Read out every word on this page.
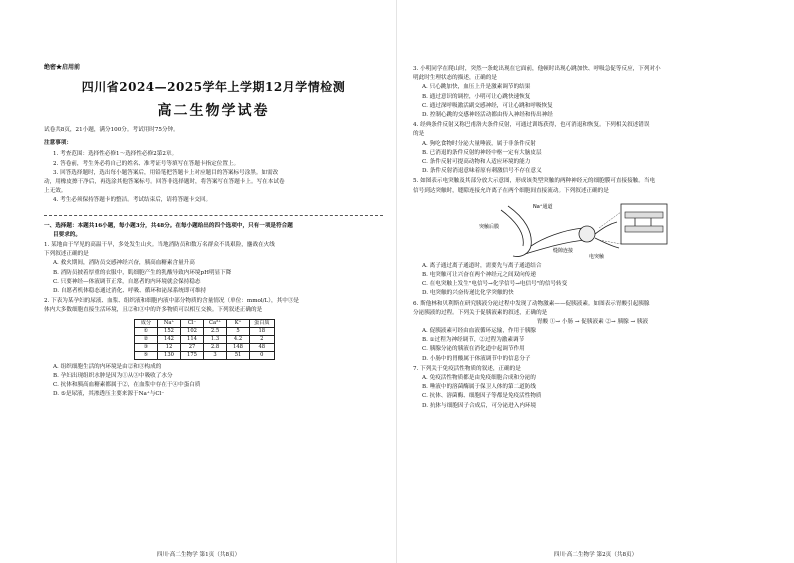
绝密★启用前
四川省2024—2025学年上学期12月学情检测
高二生物学试卷
试卷共8页，21小题，满分100分。考试用时75分钟。
注意事项：
1. 考查范围：选择性必修1～选择性必修2第2章。
2. 答卷前，考生务必将自己的姓名、准考证号等填写在答题卡指定位置上。
3. 回答选择题时，选出每小题答案后，用铅笔把答题卡上对应题目的答案标号涂黑。如需改
动，用橡皮擦干净后，再选涂其他答案标号。回答非选择题时，将答案写在答题卡上。写在本试卷
上无效。
4. 考生必须保持答题卡的整洁。考试结束后，请将答题卡交回。
一、选择题：本题共16小题，每小题3分，共48分。在每小题给出的四个选项中，只有一项是符合题
目要求的。
1. 某地由于罕见的高温干旱，多处发生山火。当地消防员和数万名群众不畏艰险，鏖战在火线
下列叙述正确的是
A. 救火期间，消防员交感神经兴奋，胰高血糖素含量升高
B. 消防员披着厚重的衣服中，肌细胞产生的乳酸导致内环境pH明显下降
C. 只要神经—体液调节正常，自愿者的内环境就会保持稳态
D. 自愿者机体稳态通过消化、呼吸、循环和泌尿系统即可维持
2. 下表为某孕妇的尿液、血浆、组织液和细胞内液中部分物质的含量情况（单位：mmol/L），其中③是
体内大多数细胞直接生活环境，且②和③中的许多物质可以相互交换。下列叙述正确的是
成分	Na⁺	Cl⁻	Ca²⁺	K⁺	蛋白质
①	152	102	2.5	5	18
②	142	114	1.3	4.2	2
③	12	27	2.8	148	48
⑤	130	175	3	51	0
A. 组织细胞生活的内环境是由②和③构成的
B. 孕妇出现组织水肿是因为①从③中吸收了水分
C. 抗体和胰高血糖素都属于②，在血浆中存在于④中蛋白质
D. ⑤是尿液，其渗透压主要来源于Na⁺与Cl⁻
四川·高二生物学 第1页（共8页）
3. 小明同学在爬山时，突然一条蛇出现在它面前，他顿时出现心跳加快、呼吸急促等反应，下列对小
明此时生理状态的描述，正确的是
A. 只心跳加快，血压上升是激素调节的结果
B. 通过意识的调控，小明可让心跳快速恢复
C. 通过深呼吸激活副交感神经，可让心跳和呼吸恢复
D. 控制心跳的交感神经活动都由传入神经和传出神经
4. 经典条件反射又称巴甫洛夫条件反射，可通过训练获得，也可消退和恢复。下列相关叙述错误
的是
A. 狗吃食物时分泌大量唾液，属于非条件反射
B. 已消退的条件反射的神经中枢一定有大脑皮层
C. 条件反射可提高动物和人适应环境的能力
D. 条件反射消退意味着原有刺激信号不存在意义
5. 如图表示电突触及其部分放大示意图，形成该类型突触的两种神经元的细胞膜可直接接触。当电
信号到达突触时，缝隙连接允许离子在两个细胞间直接流动。下列叙述正确的是
Na⁺通道
突触后膜
缝隙连接
电突触
A. 离子通过离子通道时，需要先与离子通道结合
B. 电突触可让兴奋在两个神经元之间双向传递
C. 在电突触上发生"电信号→化学信号→电信号"的信号转变
D. 电突触的兴奋传递比化学突触的快
6. 斯他林和贝利斯在研究胰液分泌过程中发现了动物激素——促胰液素。如图表示胃酸引起胰腺
分泌胰液的过程。下列关于促胰液素的叙述，正确的是
胃酸 ①→ 小肠 → 促胰液素 ②→ 胰腺 → 胰液
A. 促胰液素可经由血液循环运输，作用于胰腺
B. ①过程为神经调节，②过程为激素调节
C. 胰腺分泌的胰液在消化道中起调节作用
D. 小肠中的胃酸属于体液调节中的信息分子
7. 下列关于免疫活性物质的叙述，正确的是
A. 免疫活性物质都是由免疫细胞合成和分泌的
B. 唾液中的溶菌酶属于保卫人体的第二道防线
C. 抗体、溶菌酶、细胞因子等都是免疫活性物质
D. 抗体与细胞因子合成后，可分泌进入内环境
四川·高二生物学 第2页（共8页）
